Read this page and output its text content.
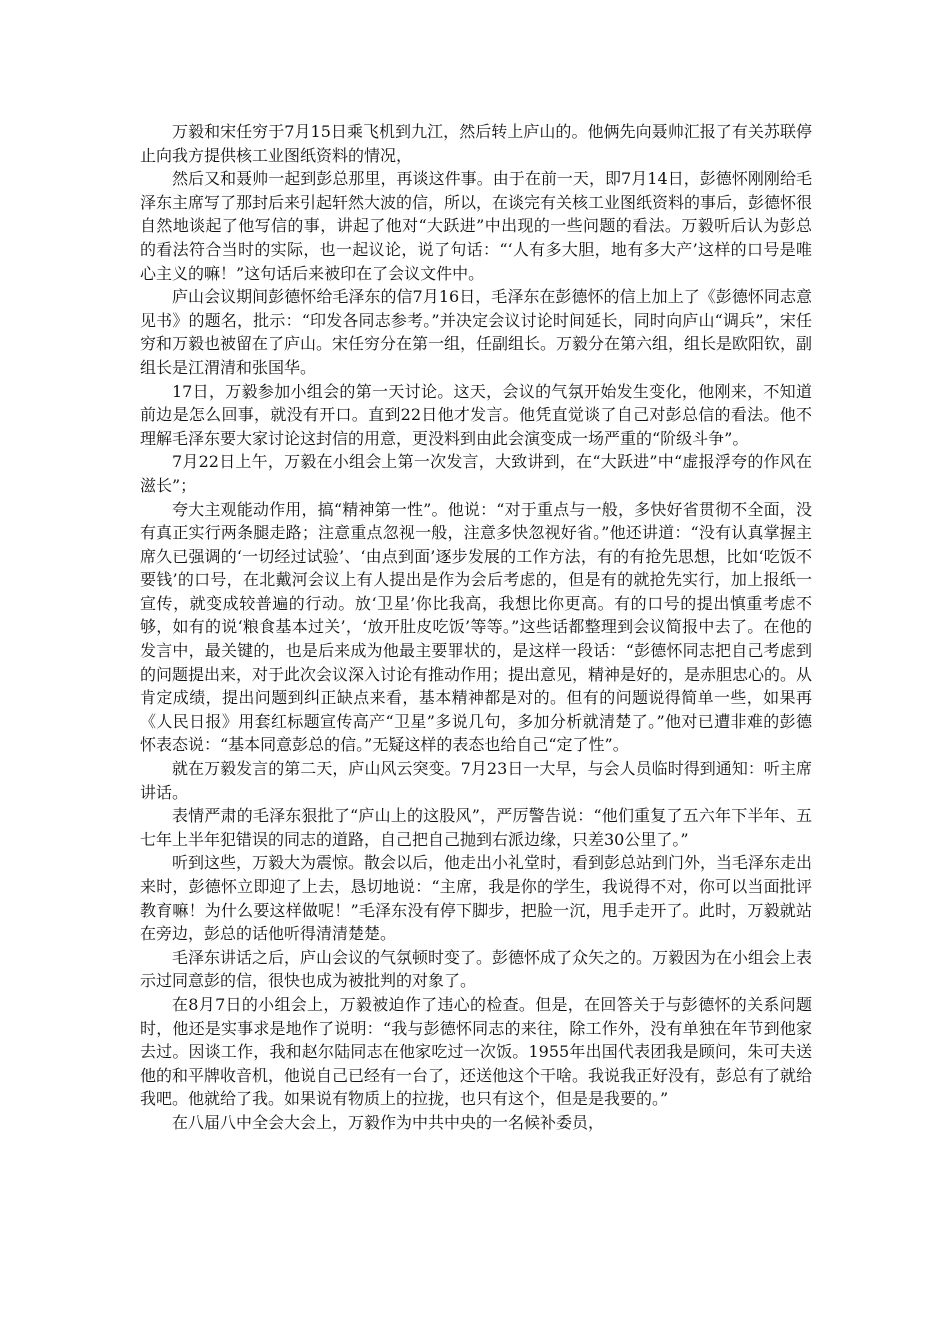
万毅和宋任穷于7月15日乘飞机到九江，然后转上庐山的。他俩先向聂帅汇报了有关苏联停止向我方提供核工业图纸资料的情况，

然后又和聂帅一起到彭总那里，再谈这件事。由于在前一天，即7月14日，彭德怀刚刚给毛泽东主席写了那封后来引起轩然大波的信，所以，在谈完有关核工业图纸资料的事后，彭德怀很自然地谈起了他写信的事，讲起了他对“大跃进”中出现的一些问题的看法。万毅听后认为彭总的看法符合当时的实际，也一起议论，说了句话：“‘人有多大胆，地有多大产’这样的口号是唯心主义的嘛！”这句话后来被印在了会议文件中。

庐山会议期间彭德怀给毛泽东的信7月16日，毛泽东在彭德怀的信上加上了《彭德怀同志意见书》的题名，批示：“印发各同志参考。”并决定会议讨论时间延长，同时向庐山“调兵”，宋任穷和万毅也被留在了庐山。宋任穷分在第一组，任副组长。万毅分在第六组，组长是欧阳钦，副组长是江渭清和张国华。

17日，万毅参加小组会的第一天讨论。这天，会议的气氛开始发生变化，他刚来，不知道前边是怎么回事，就没有开口。直到22日他才发言。他凭直觉谈了自己对彭总信的看法。他不理解毛泽东要大家讨论这封信的用意，更没料到由此会演变成一场严重的“阶级斗争”。

7月22日上午，万毅在小组会上第一次发言，大致讲到，在“大跃进”中“虚报浮夸的作风在滋长”；

夸大主观能动作用，搞“精神第一性”。他说：“对于重点与一般，多快好省贯彻不全面，没有真正实行两条腿走路；注意重点忽视一般，注意多快忽视好省。”他还讲道：“没有认真掌握主席久已强调的‘一切经过试验’、‘由点到面’逐步发展的工作方法，有的有抢先思想，比如‘吃饭不要钱’的口号，在北戴河会议上有人提出是作为会后考虑的，但是有的就抢先实行，加上报纸一宣传，就变成较普遍的行动。放‘卫星’你比我高，我想比你更高。有的口号的提出慎重考虑不够，如有的说‘粮食基本过关’，‘放开肚皮吃饭’等等。”这些话都整理到会议简报中去了。在他的发言中，最关键的，也是后来成为他最主要罪状的，是这样一段话：“彭德怀同志把自己考虑到的问题提出来，对于此次会议深入讨论有推动作用；提出意见，精神是好的，是赤胆忠心的。从肯定成绩，提出问题到纠正缺点来看，基本精神都是对的。但有的问题说得简单一些，如果再《人民日报》用套红标题宣传高产“卫星”多说几句，多加分析就清楚了。”他对已遭非难的彭德怀表态说：“基本同意彭总的信。”无疑这样的表态也给自己“定了性”。

就在万毅发言的第二天，庐山风云突变。7月23日一大早，与会人员临时得到通知：听主席讲话。

表情严肃的毛泽东狠批了“庐山上的这股风”，严厉警告说：“他们重复了五六年下半年、五七年上半年犯错误的同志的道路，自己把自己抛到右派边缘，只差30公里了。”

听到这些，万毅大为震惊。散会以后，他走出小礼堂时，看到彭总站到门外，当毛泽东走出来时，彭德怀立即迎了上去，恳切地说：“主席，我是你的学生，我说得不对，你可以当面批评教育嘛！为什么要这样做呢！”毛泽东没有停下脚步，把脸一沉，甩手走开了。此时，万毅就站在旁边，彭总的话他听得清清楚楚。

毛泽东讲话之后，庐山会议的气氛顿时变了。彭德怀成了众矢之的。万毅因为在小组会上表示过同意彭的信，很快也成为被批判的对象了。

在8月7日的小组会上，万毅被迫作了违心的检查。但是，在回答关于与彭德怀的关系问题时，他还是实事求是地作了说明：“我与彭德怀同志的来往，除工作外，没有单独在年节到他家去过。因谈工作，我和赵尔陆同志在他家吃过一次饭。1955年出国代表团我是顾问，朱可夫送他的和平牌收音机，他说自己已经有一台了，还送他这个干啥。我说我正好没有，彭总有了就给我吧。他就给了我。如果说有物质上的拉拢，也只有这个，但是是我要的。”

在八届八中全会大会上，万毅作为中共中央的一名候补委员，
